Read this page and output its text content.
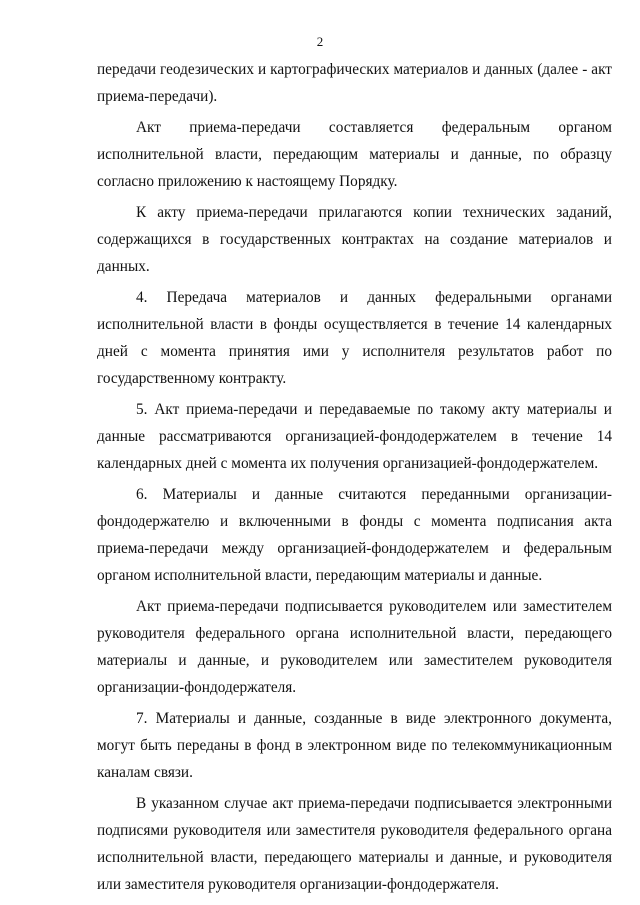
2

передачи геодезических и картографических материалов и данных (далее - акт приема-передачи).

Акт приема-передачи составляется федеральным органом исполнительной власти, передающим материалы и данные, по образцу согласно приложению к настоящему Порядку.

К акту приема-передачи прилагаются копии технических заданий, содержащихся в государственных контрактах на создание материалов и данных.

4. Передача материалов и данных федеральными органами исполнительной власти в фонды осуществляется в течение 14 календарных дней с момента принятия ими у исполнителя результатов работ по государственному контракту.

5. Акт приема-передачи и передаваемые по такому акту материалы и данные рассматриваются организацией-фондодержателем в течение 14 календарных дней с момента их получения организацией-фондодержателем.

6. Материалы и данные считаются переданными организации-фондодержателю и включенными в фонды с момента подписания акта приема-передачи между организацией-фондодержателем и федеральным органом исполнительной власти, передающим материалы и данные.

Акт приема-передачи подписывается руководителем или заместителем руководителя федерального органа исполнительной власти, передающего материалы и данные, и руководителем или заместителем руководителя организации-фондодержателя.

7. Материалы и данные, созданные в виде электронного документа, могут быть переданы в фонд в электронном виде по телекоммуникационным каналам связи.

В указанном случае акт приема-передачи подписывается электронными подписями руководителя или заместителя руководителя федерального органа исполнительной власти, передающего материалы и данные, и руководителя или заместителя руководителя организации-фондодержателя.
